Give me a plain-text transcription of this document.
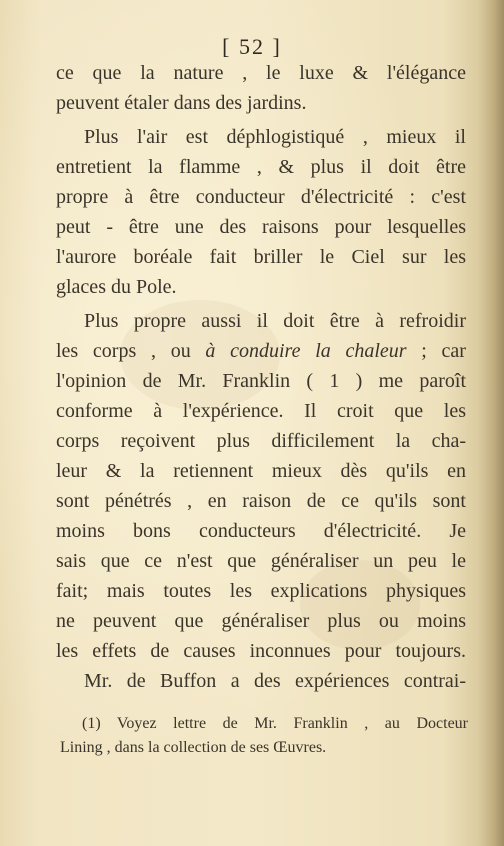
[ 52 ]
ce que la nature , le luxe & l'élégance
peuvent étaler dans des jardins.
Plus l'air est déphlogistiqué , mieux il
entretient la flamme , & plus il doit être
propre à être conducteur d'électricité : c'est
peut - être une des raisons pour lesquelles
l'aurore boréale fait briller le Ciel sur les
glaces du Pole.
Plus propre aussi il doit être à refroidir
les corps , ou à conduire la chaleur ; car
l'opinion de Mr. Franklin ( 1 ) me paroît
conforme à l'expérience. Il croit que les
corps reçoivent plus difficilement la cha-
leur & la retiennent mieux dès qu'ils en
sont pénétrés , en raison de ce qu'ils sont
moins bons conducteurs d'électricité. Je
sais que ce n'est que généraliser un peu le
fait; mais toutes les explications physiques
ne peuvent que généraliser plus ou moins
les effets de causes inconnues pour toujours.
Mr. de Buffon a des expériences contrai-
(1) Voyez lettre de Mr. Franklin , au Docteur
Lining , dans la collection de ses Œuvres.
